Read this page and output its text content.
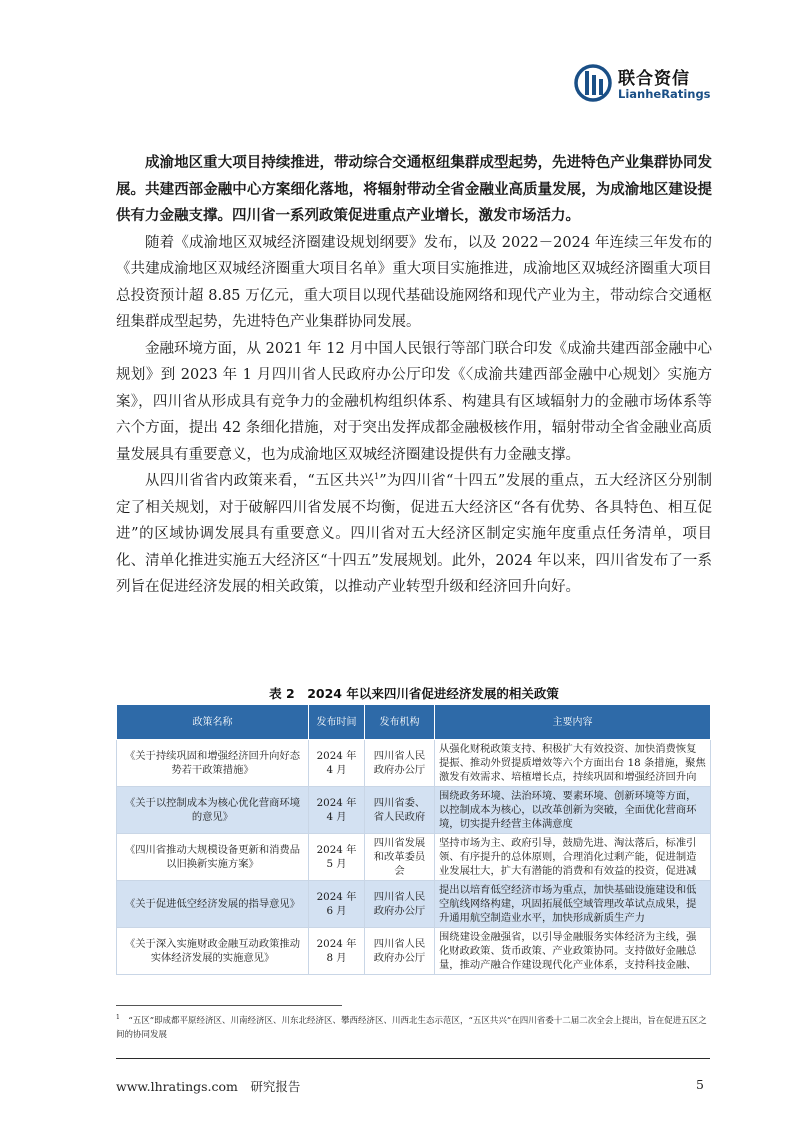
联合资信
LianheRatings

成渝地区重大项目持续推进，带动综合交通枢纽集群成型起势，先进特色产业集群协同发展。共建西部金融中心方案细化落地，将辐射带动全省金融业高质量发展，为成渝地区建设提供有力金融支撑。四川省一系列政策促进重点产业增长，激发市场活力。

随着《成渝地区双城经济圈建设规划纲要》发布，以及 2022－2024 年连续三年发布的《共建成渝地区双城经济圈重大项目名单》重大项目实施推进，成渝地区双城经济圈重大项目总投资预计超 8.85 万亿元，重大项目以现代基础设施网络和现代产业为主，带动综合交通枢纽集群成型起势，先进特色产业集群协同发展。

金融环境方面，从 2021 年 12 月中国人民银行等部门联合印发《成渝共建西部金融中心规划》到 2023 年 1 月四川省人民政府办公厅印发《〈成渝共建西部金融中心规划〉实施方案》，四川省从形成具有竞争力的金融机构组织体系、构建具有区域辐射力的金融市场体系等六个方面，提出 42 条细化措施，对于突出发挥成都金融极核作用，辐射带动全省金融业高质量发展具有重要意义，也为成渝地区双城经济圈建设提供有力金融支撑。

从四川省省内政策来看，“五区共兴$^1$”为四川省“十四五”发展的重点，五大经济区分别制定了相关规划，对于破解四川省发展不均衡，促进五大经济区“各有优势、各具特色、相互促进”的区域协调发展具有重要意义。四川省对五大经济区制定实施年度重点任务清单，项目化、清单化推进实施五大经济区“十四五”发展规划。此外，2024 年以来，四川省发布了一系列旨在促进经济发展的相关政策，以推动产业转型升级和经济回升向好。

表 2　2024 年以来四川省促进经济发展的相关政策
政策名称	发布时间	发布机构	主要内容
《关于持续巩固和增强经济回升向好态势若干政策措施》	2024 年 4 月	四川省人民政府办公厅	从强化财税政策支持、积极扩大有效投资、加快消费恢复提振、推动外贸提质增效等六个方面出台 18 条措施，聚焦激发有效需求、培植增长点，持续巩固和增强经济回升向

《关于以控制成本为核心优化营商环境的意见》	2024 年 4 月	四川省委、省人民政府	围绕政务环境、法治环境、要素环境、创新环境等方面，以控制成本为核心，以改革创新为突破，全面优化营商环境，切实提升经营主体满意度

《四川省推动大规模设备更新和消费品以旧换新实施方案》	2024 年 5 月	四川省发展和改革委员会	坚持市场为主、政府引导，鼓励先进、淘汰落后，标准引领、有序提升的总体原则，合理消化过剩产能，促进制造业发展壮大，扩大有潜能的消费和有效益的投资，促进减

《关于促进低空经济发展的指导意见》	2024 年 6 月	四川省人民政府办公厅	提出以培育低空经济市场为重点，加快基础设施建设和低空航线网络构建，巩固拓展低空域管理改革试点成果，提升通用航空制造业水平，加快形成新质生产力

《关于深入实施财政金融互动政策推动实体经济发展的实施意见》	2024 年 8 月	四川省人民政府办公厅	围绕建设金融强省，以引导金融服务实体经济为主线，强化财政政策、货币政策、产业政策协同。支持做好金融总量，推动产融合作建设现代化产业体系，支持科技金融、
$^1$　 “五区”即成都平原经济区、川南经济区、川东北经济区、攀西经济区、川西北生态示范区，“五区共兴”在四川省委十二届二次全会上提出，旨在促进五区之间的协同发展
www.lhratings.com　 研究报告	5
